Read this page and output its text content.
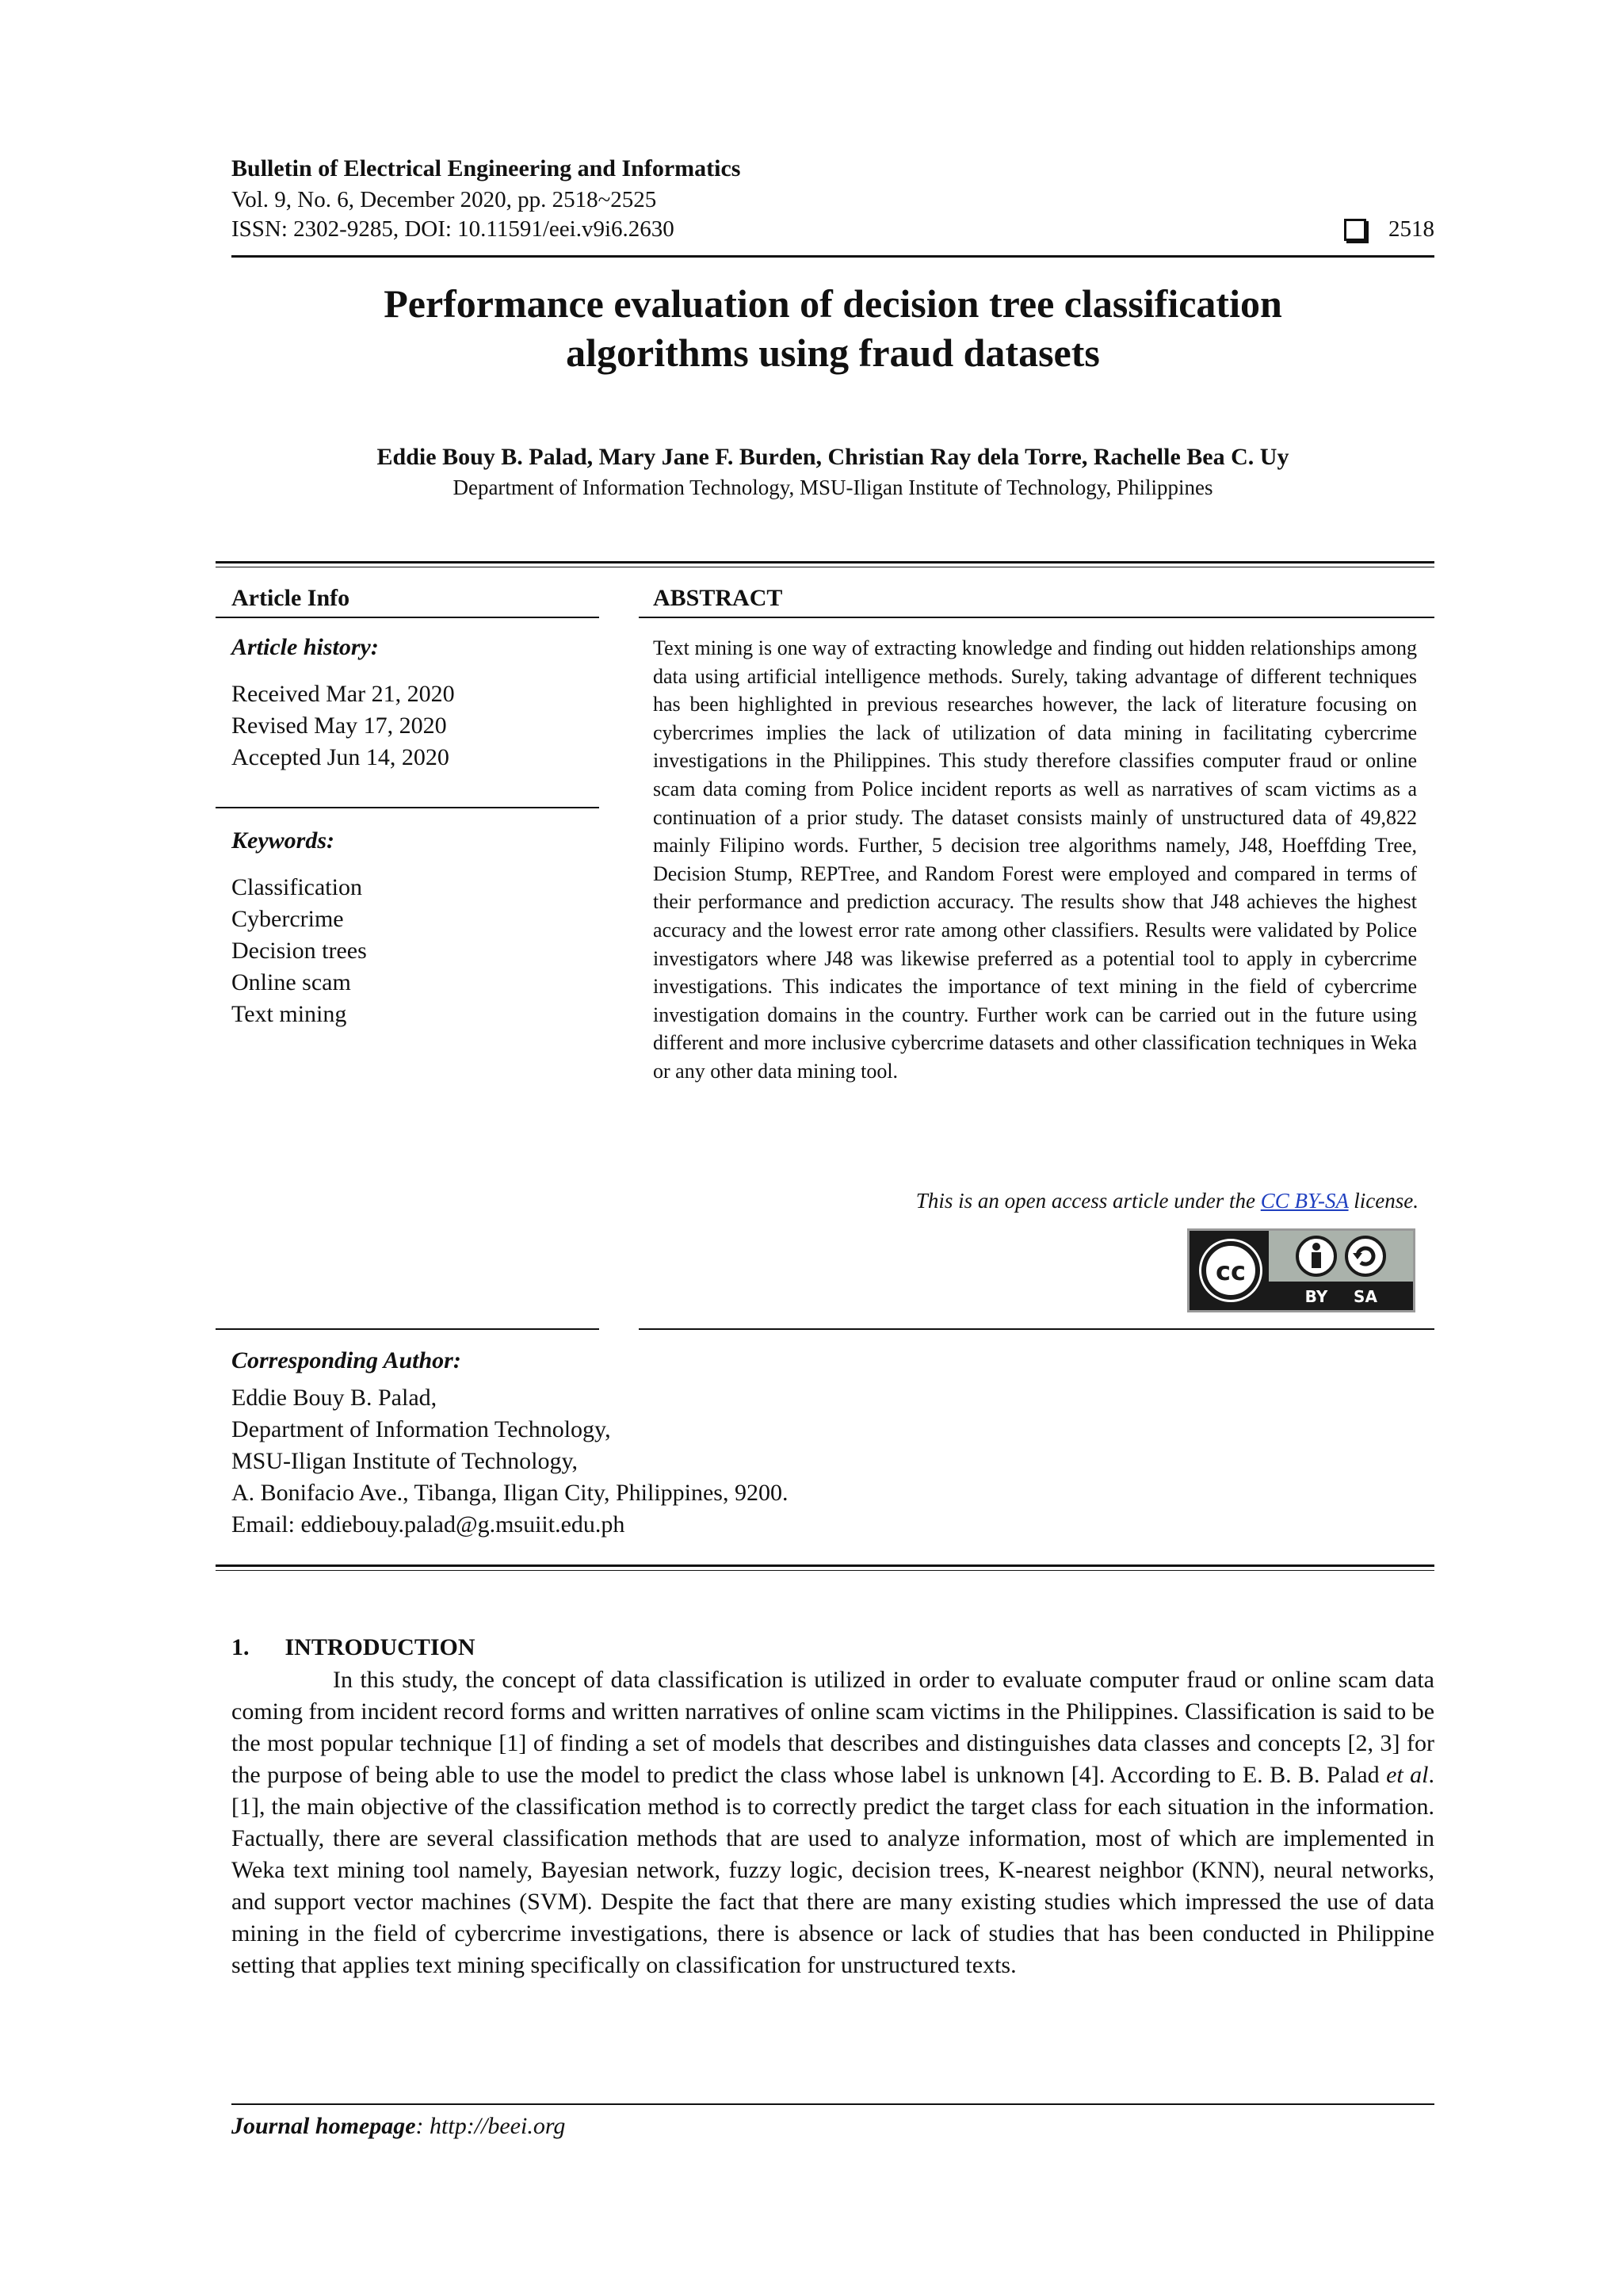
Bulletin of Electrical Engineering and Informatics
Vol. 9, No. 6, December 2020, pp. 2518~2525
ISSN: 2302-9285, DOI: 10.11591/eei.v9i6.2630	2518
Performance evaluation of decision tree classification
algorithms using fraud datasets
Eddie Bouy B. Palad, Mary Jane F. Burden, Christian Ray dela Torre, Rachelle Bea C. Uy
Department of Information Technology, MSU-Iligan Institute of Technology, Philippines
Article Info
Article history:
Received Mar 21, 2020
Revised May 17, 2020
Accepted Jun 14, 2020
Keywords:
Classification
Cybercrime
Decision trees
Online scam
Text mining
ABSTRACT
Text mining is one way of extracting knowledge and finding out hidden relationships among data using artificial intelligence methods. Surely, taking advantage of different techniques has been highlighted in previous researches however, the lack of literature focusing on cybercrimes implies the lack of utilization of data mining in facilitating cybercrime investigations in the Philippines. This study therefore classifies computer fraud or online scam data coming from Police incident reports as well as narratives of scam victims as a continuation of a prior study. The dataset consists mainly of unstructured data of 49,822 mainly Filipino words. Further, 5 decision tree algorithms namely, J48, Hoeffding Tree, Decision Stump, REPTree, and Random Forest were employed and compared in terms of their performance and prediction accuracy. The results show that J48 achieves the highest accuracy and the lowest error rate among other classifiers. Results were validated by Police investigators where J48 was likewise preferred as a potential tool to apply in cybercrime investigations. This indicates the importance of text mining in the field of cybercrime investigation domains in the country. Further work can be carried out in the future using different and more inclusive cybercrime datasets and other classification techniques in Weka or any other data mining tool.
This is an open access article under the CC BY-SA license.
cc
BY SA
Corresponding Author:
Eddie Bouy B. Palad,
Department of Information Technology,
MSU-Iligan Institute of Technology,
A. Bonifacio Ave., Tibanga, Iligan City, Philippines, 9200.
Email: eddiebouy.palad@g.msuiit.edu.ph
1.      INTRODUCTION
In this study, the concept of data classification is utilized in order to evaluate computer fraud or online scam data coming from incident record forms and written narratives of online scam victims in the Philippines. Classification is said to be the most popular technique [1] of finding a set of models that describes and distinguishes data classes and concepts [2, 3] for the purpose of being able to use the model to predict the class whose label is unknown [4]. According to E. B. B. Palad et al. [1], the main objective of the classification method is to correctly predict the target class for each situation in the information. Factually, there are several classification methods that are used to analyze information, most of which are implemented in Weka text mining tool namely, Bayesian network, fuzzy logic, decision trees, K-nearest neighbor (KNN), neural networks, and support vector machines (SVM). Despite the fact that there are many existing studies which impressed the use of data mining in the field of cybercrime investigations, there is absence or lack of studies that has been conducted in Philippine setting that applies text mining specifically on classification for unstructured texts.
Journal homepage: http://beei.org
